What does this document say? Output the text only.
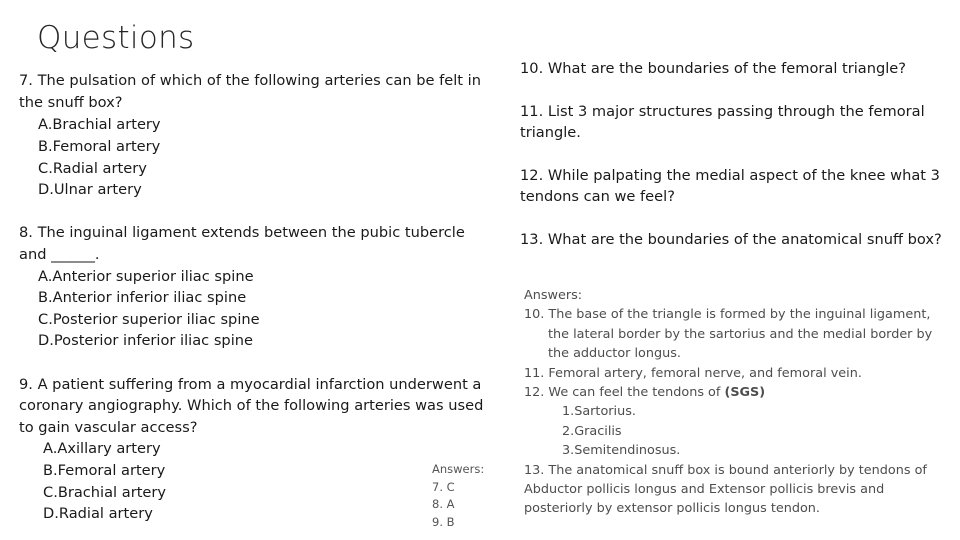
Questions
7. The pulsation of which of the following arteries can be felt in
the snuff box?
A.Brachial artery
B.Femoral artery
C.Radial artery
D.Ulnar artery
8. The inguinal ligament extends between the pubic tubercle
and ______.
A.Anterior superior iliac spine
B.Anterior inferior iliac spine
C.Posterior superior iliac spine
D.Posterior inferior iliac spine
9. A patient suffering from a myocardial infarction underwent a
coronary angiography. Which of the following arteries was used
to gain vascular access?
A.Axillary artery
B.Femoral artery
C.Brachial artery
D.Radial artery
Answers:
7. C
8. A
9. B
10. What are the boundaries of the femoral triangle?
11. List 3 major structures passing through the femoral
triangle.
12. While palpating the medial aspect of the knee what 3
tendons can we feel?
13. What are the boundaries of the anatomical snuff box?
Answers:
10. The base of the triangle is formed by the inguinal ligament,
the lateral border by the sartorius and the medial border by
the adductor longus.
11. Femoral artery, femoral nerve, and femoral vein.
12. We can feel the tendons of (SGS)
1.Sartorius.
2.Gracilis
3.Semitendinosus.
13. The anatomical snuff box is bound anteriorly by tendons of
Abductor pollicis longus and Extensor pollicis brevis and
posteriorly by extensor pollicis longus tendon.
